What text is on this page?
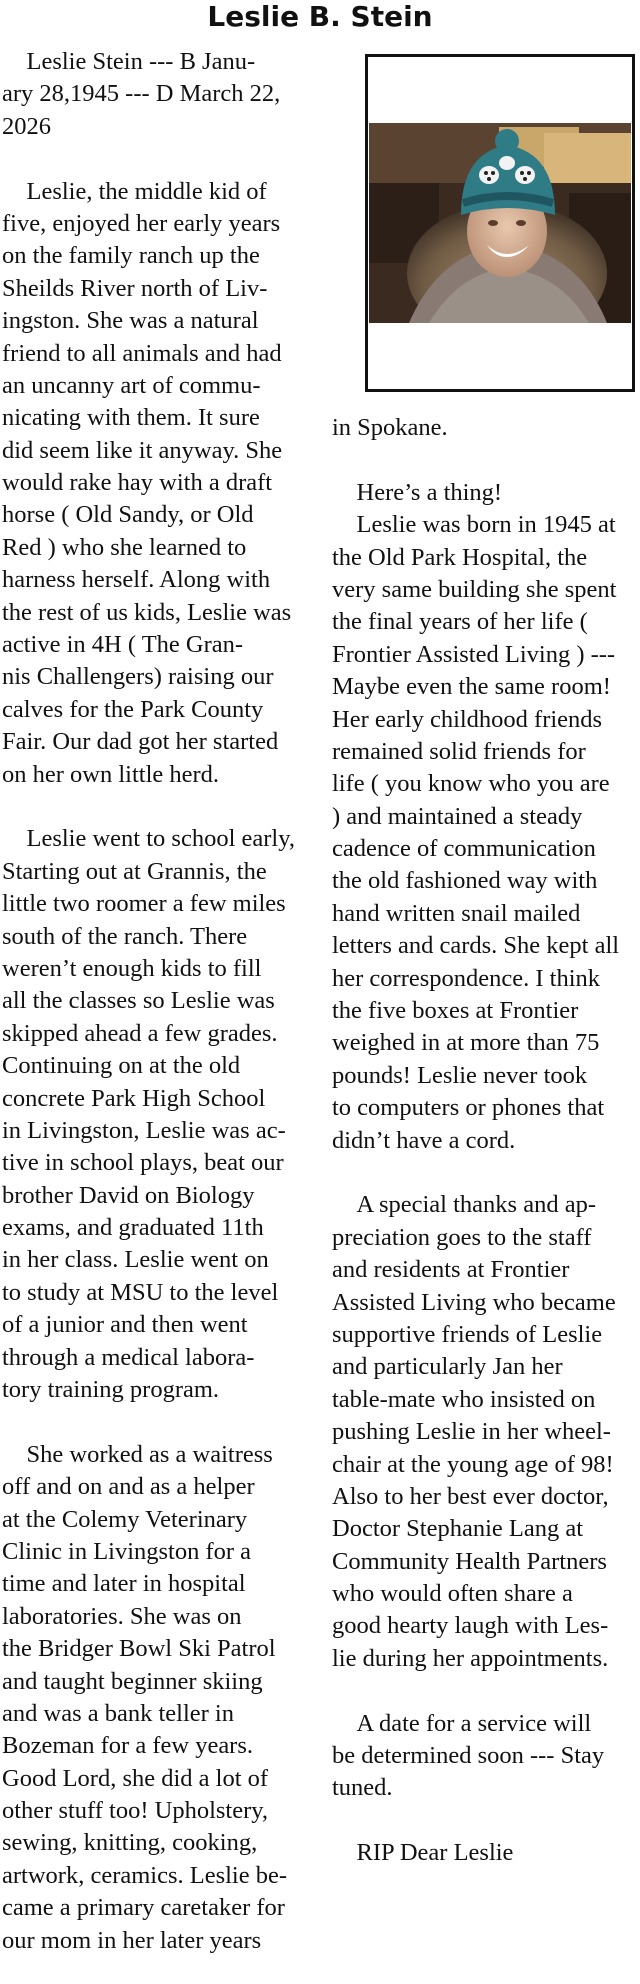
Leslie B. Stein
Leslie Stein --- B Janu-
ary 28,1945 --- D March 22,
2026
Leslie, the middle kid of
five, enjoyed her early years
on the family ranch up the
Sheilds River north of Liv-
ingston. She was a natural
friend to all animals and had
an uncanny art of commu-
nicating with them. It sure
did seem like it anyway. She
would rake hay with a draft
horse ( Old Sandy, or Old
Red ) who she learned to
harness herself. Along with
the rest of us kids, Leslie was
active in 4H ( The Gran-
nis Challengers) raising our
calves for the Park County
Fair. Our dad got her started
on her own little herd.
Leslie went to school early,
Starting out at Grannis, the
little two roomer a few miles
south of the ranch. There
weren’t enough kids to fill
all the classes so Leslie was
skipped ahead a few grades.
Continuing on at the old
concrete Park High School
in Livingston, Leslie was ac-
tive in school plays, beat our
brother David on Biology
exams, and graduated 11th
in her class. Leslie went on
to study at MSU to the level
of a junior and then went
through a medical labora-
tory training program.
She worked as a waitress
off and on and as a helper
at the Colemy Veterinary
Clinic in Livingston for a
time and later in hospital
laboratories. She was on
the Bridger Bowl Ski Patrol
and taught beginner skiing
and was a bank teller in
Bozeman for a few years.
Good Lord, she did a lot of
other stuff too! Upholstery,
sewing, knitting, cooking,
artwork, ceramics. Leslie be-
came a primary caretaker for
our mom in her later years
in Spokane.
Here’s a thing!
Leslie was born in 1945 at
the Old Park Hospital, the
very same building she spent
the final years of her life (
Frontier Assisted Living ) ---
Maybe even the same room!
Her early childhood friends
remained solid friends for
life ( you know who you are
) and maintained a steady
cadence of communication
the old fashioned way with
hand written snail mailed
letters and cards. She kept all
her correspondence. I think
the five boxes at Frontier
weighed in at more than 75
pounds! Leslie never took
to computers or phones that
didn’t have a cord.
A special thanks and ap-
preciation goes to the staff
and residents at Frontier
Assisted Living who became
supportive friends of Leslie
and particularly Jan her
table-mate who insisted on
pushing Leslie in her wheel-
chair at the young age of 98!
Also to her best ever doctor,
Doctor Stephanie Lang at
Community Health Partners
who would often share a
good hearty laugh with Les-
lie during her appointments.
A date for a service will
be determined soon --- Stay
tuned.
RIP Dear Leslie
